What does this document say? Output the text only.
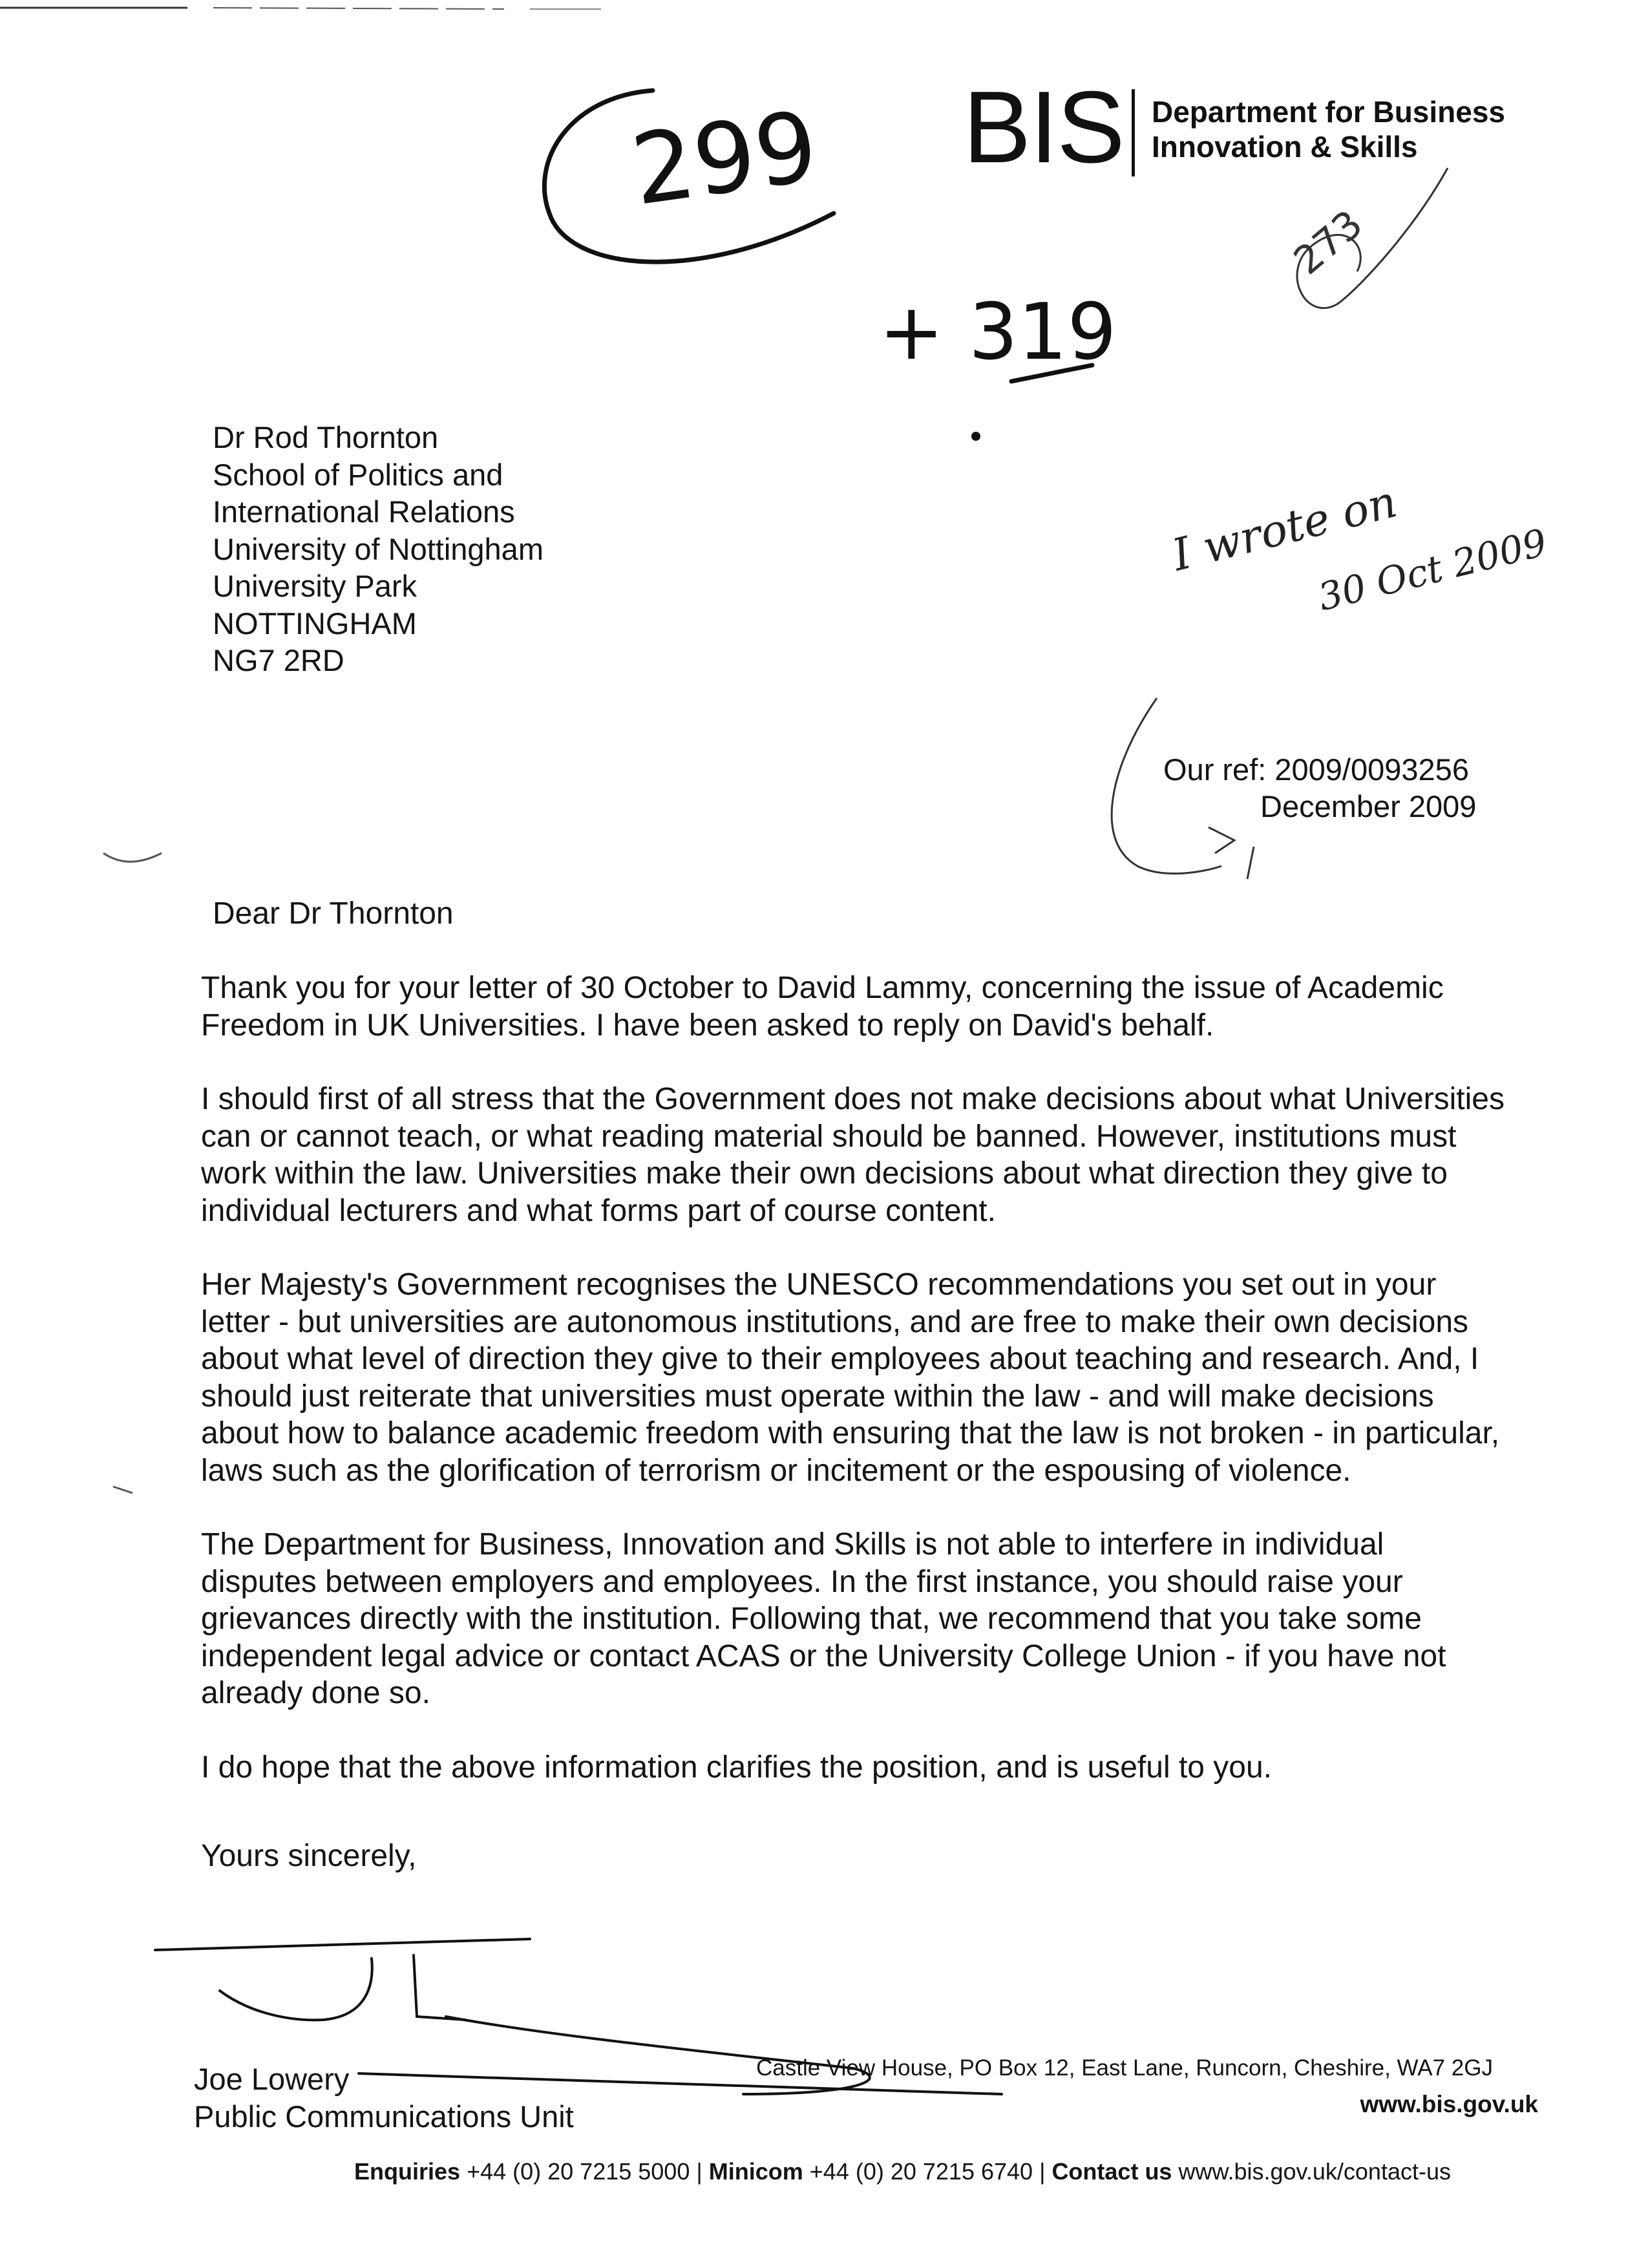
BIS Department for Business
Innovation & Skills
299
+ 319
273
I wrote on
30 Oct 2009
Dr Rod Thornton
School of Politics and
International Relations
University of Nottingham
University Park
NOTTINGHAM
NG7 2RD
Our ref: 2009/0093256
December 2009
Dear Dr Thornton

Thank you for your letter of 30 October to David Lammy, concerning the issue of Academic Freedom in UK Universities. I have been asked to reply on David's behalf.

I should first of all stress that the Government does not make decisions about what Universities can or cannot teach, or what reading material should be banned. However, institutions must work within the law. Universities make their own decisions about what direction they give to individual lecturers and what forms part of course content.

Her Majesty's Government recognises the UNESCO recommendations you set out in your letter - but universities are autonomous institutions, and are free to make their own decisions about what level of direction they give to their employees about teaching and research. And, I should just reiterate that universities must operate within the law - and will make decisions about how to balance academic freedom with ensuring that the law is not broken - in particular, laws such as the glorification of terrorism or incitement or the espousing of violence.

The Department for Business, Innovation and Skills is not able to interfere in individual disputes between employers and employees. In the first instance, you should raise your grievances directly with the institution. Following that, we recommend that you take some independent legal advice or contact ACAS or the University College Union - if you have not already done so.

I do hope that the above information clarifies the position, and is useful to you.

Yours sincerely,
Joe Lowery
Public Communications Unit
Castle View House, PO Box 12, East Lane, Runcorn, Cheshire, WA7 2GJ
www.bis.gov.uk
Enquiries +44 (0) 20 7215 5000 | Minicom +44 (0) 20 7215 6740 | Contact us www.bis.gov.uk/contact-us
